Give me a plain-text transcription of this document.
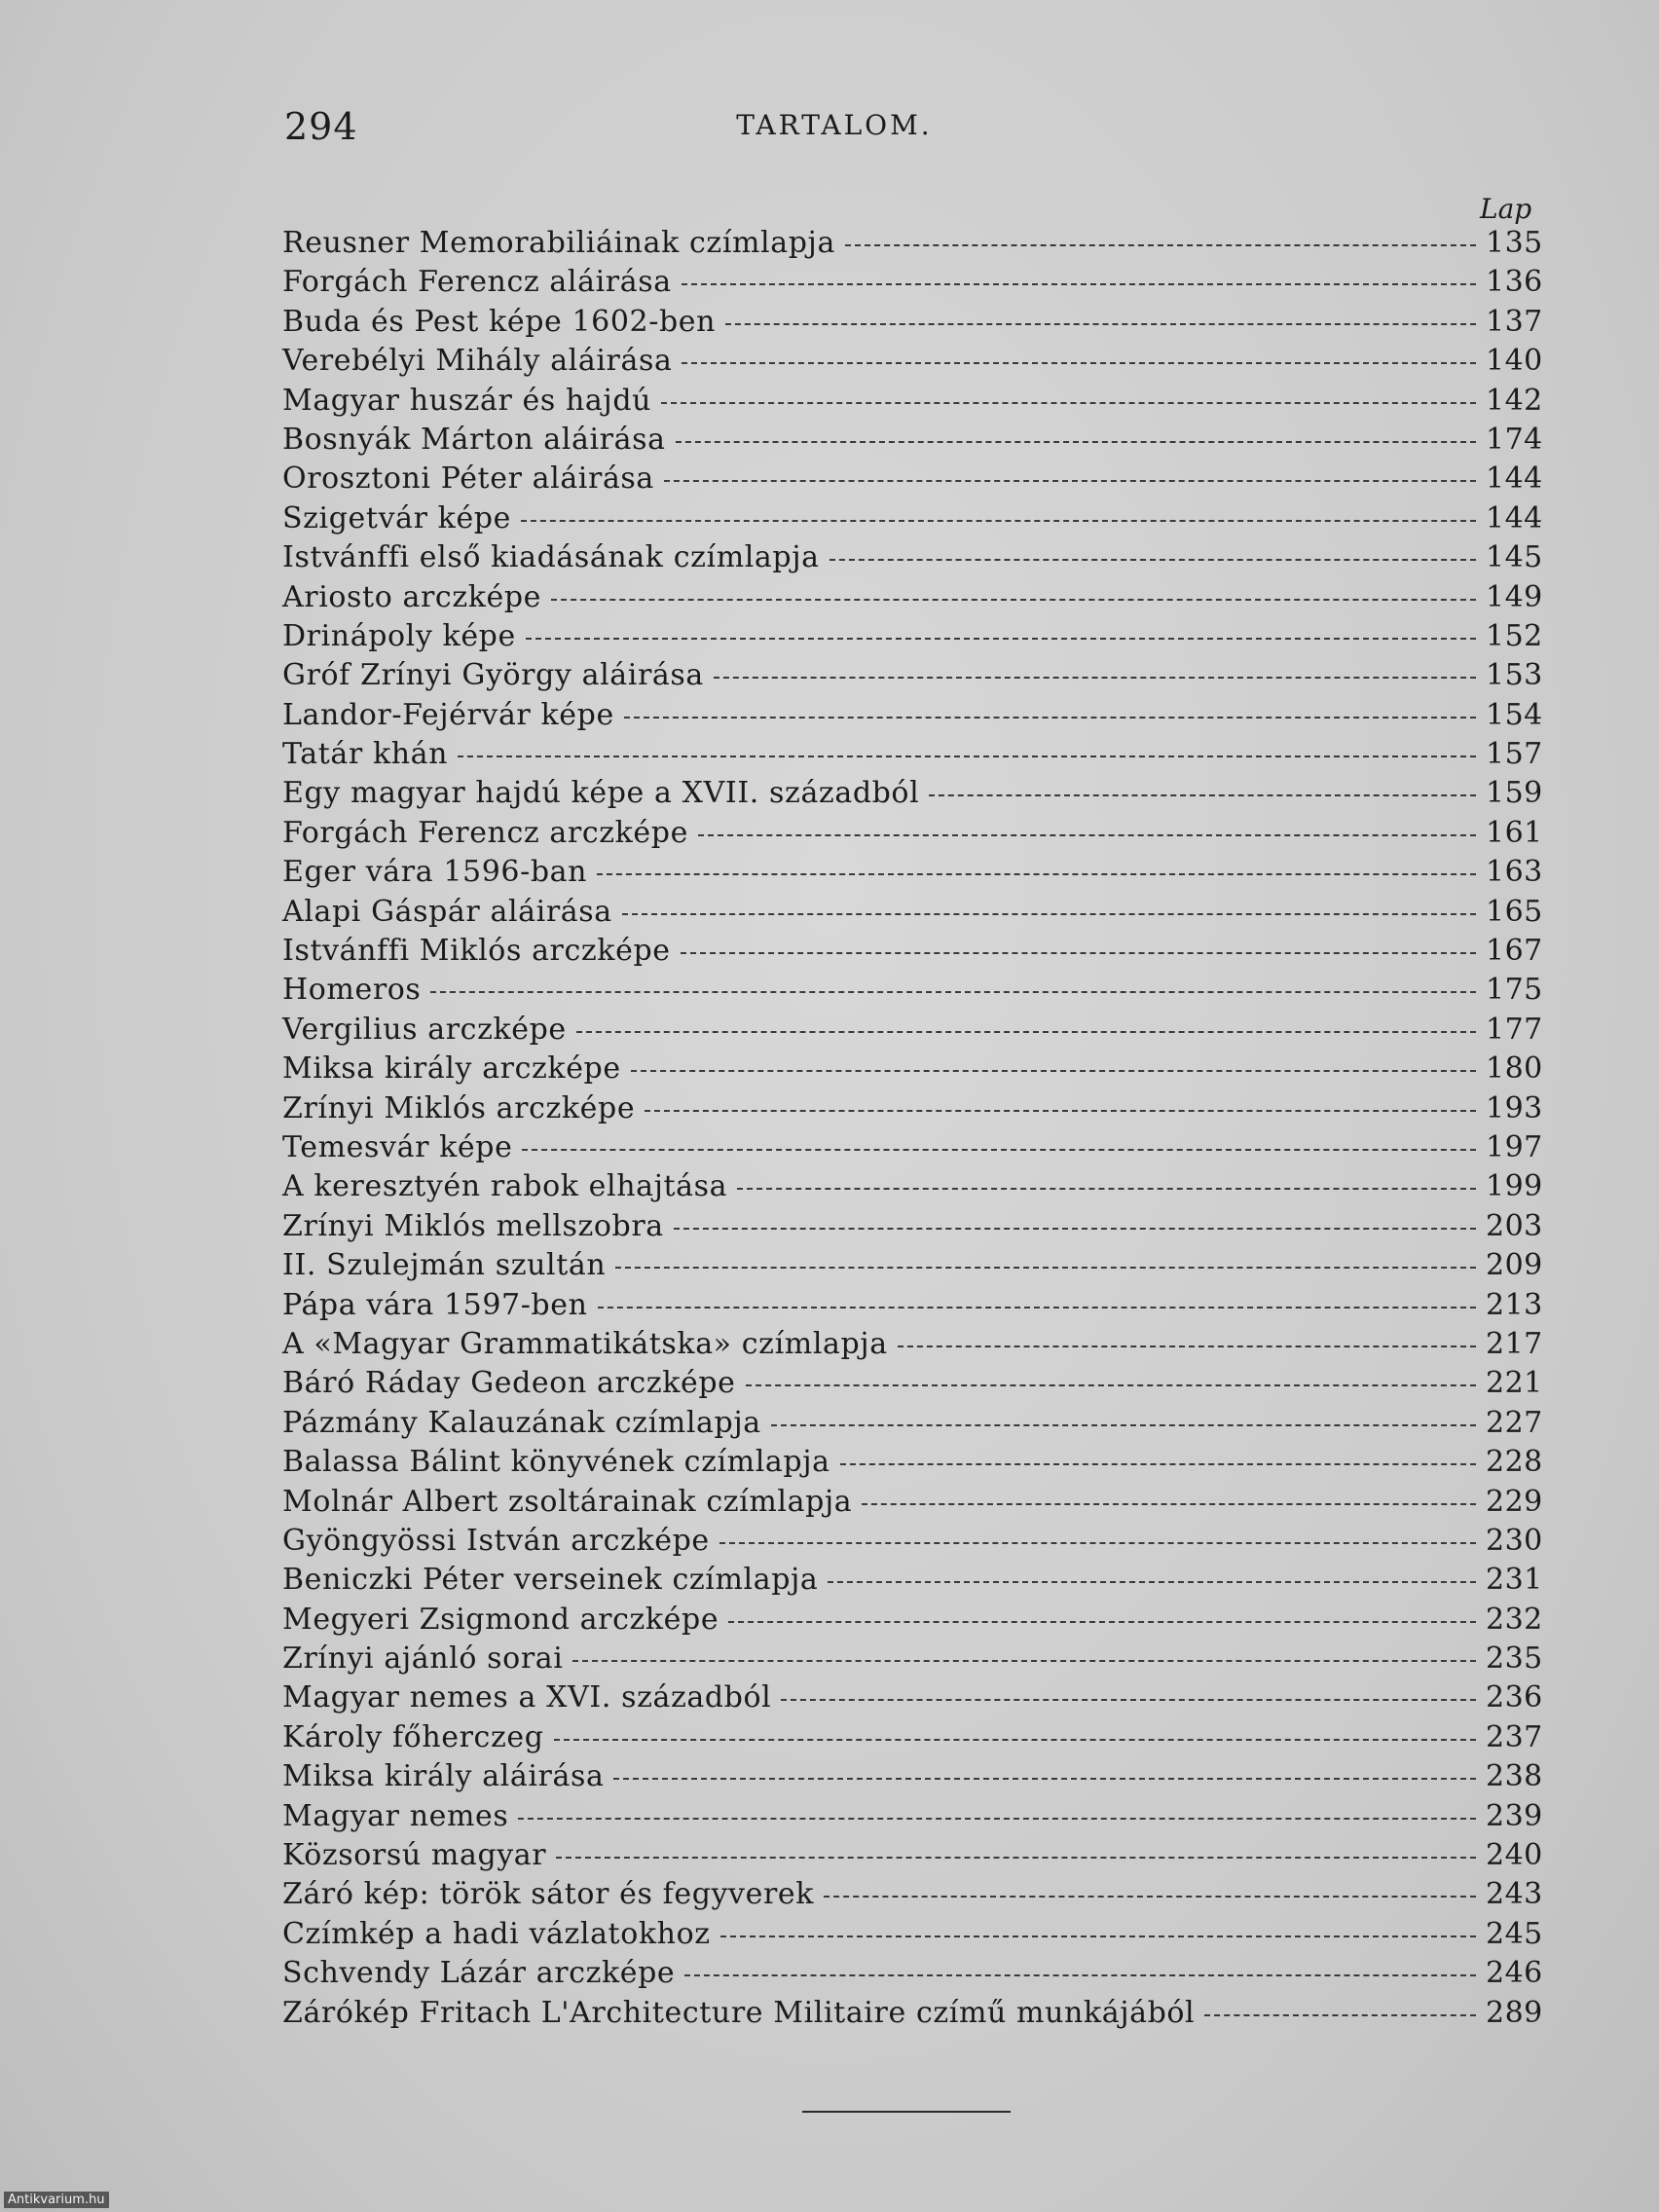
294	TARTALOM.
Lap
Reusner Memorabiliáinak czímlapja	135
Forgách Ferencz aláirása	136
Buda és Pest képe 1602-ben	137
Verebélyi Mihály aláirása	140
Magyar huszár és hajdú	142
Bosnyák Márton aláirása	174
Orosztoni Péter aláirása	144
Szigetvár képe	144
Istvánffi első kiadásának czímlapja	145
Ariosto arczképe	149
Drinápoly képe	152
Gróf Zrínyi György aláirása	153
Landor-Fejérvár képe	154
Tatár khán	157
Egy magyar hajdú képe a XVII. századból	159
Forgách Ferencz arczképe	161
Eger vára 1596-ban	163
Alapi Gáspár aláirása	165
Istvánffi Miklós arczképe	167
Homeros	175
Vergilius arczképe	177
Miksa király arczképe	180
Zrínyi Miklós arczképe	193
Temesvár képe	197
A keresztyén rabok elhajtása	199
Zrínyi Miklós mellszobra	203
II. Szulejmán szultán	209
Pápa vára 1597-ben	213
A «Magyar Grammatikátska» czímlapja	217
Báró Ráday Gedeon arczképe	221
Pázmány Kalauzának czímlapja	227
Balassa Bálint könyvének czímlapja	228
Molnár Albert zsoltárainak czímlapja	229
Gyöngyössi István arczképe	230
Beniczki Péter verseinek czímlapja	231
Megyeri Zsigmond arczképe	232
Zrínyi ajánló sorai	235
Magyar nemes a XVI. századból	236
Károly főherczeg	237
Miksa király aláirása	238
Magyar nemes	239
Közsorsú magyar	240
Záró kép: török sátor és fegyverek	243
Czímkép a hadi vázlatokhoz	245
Schvendy Lázár arczképe	246
Zárókép Fritach L'Architecture Militaire czímű munkájából	289
Antikvarium.hu
